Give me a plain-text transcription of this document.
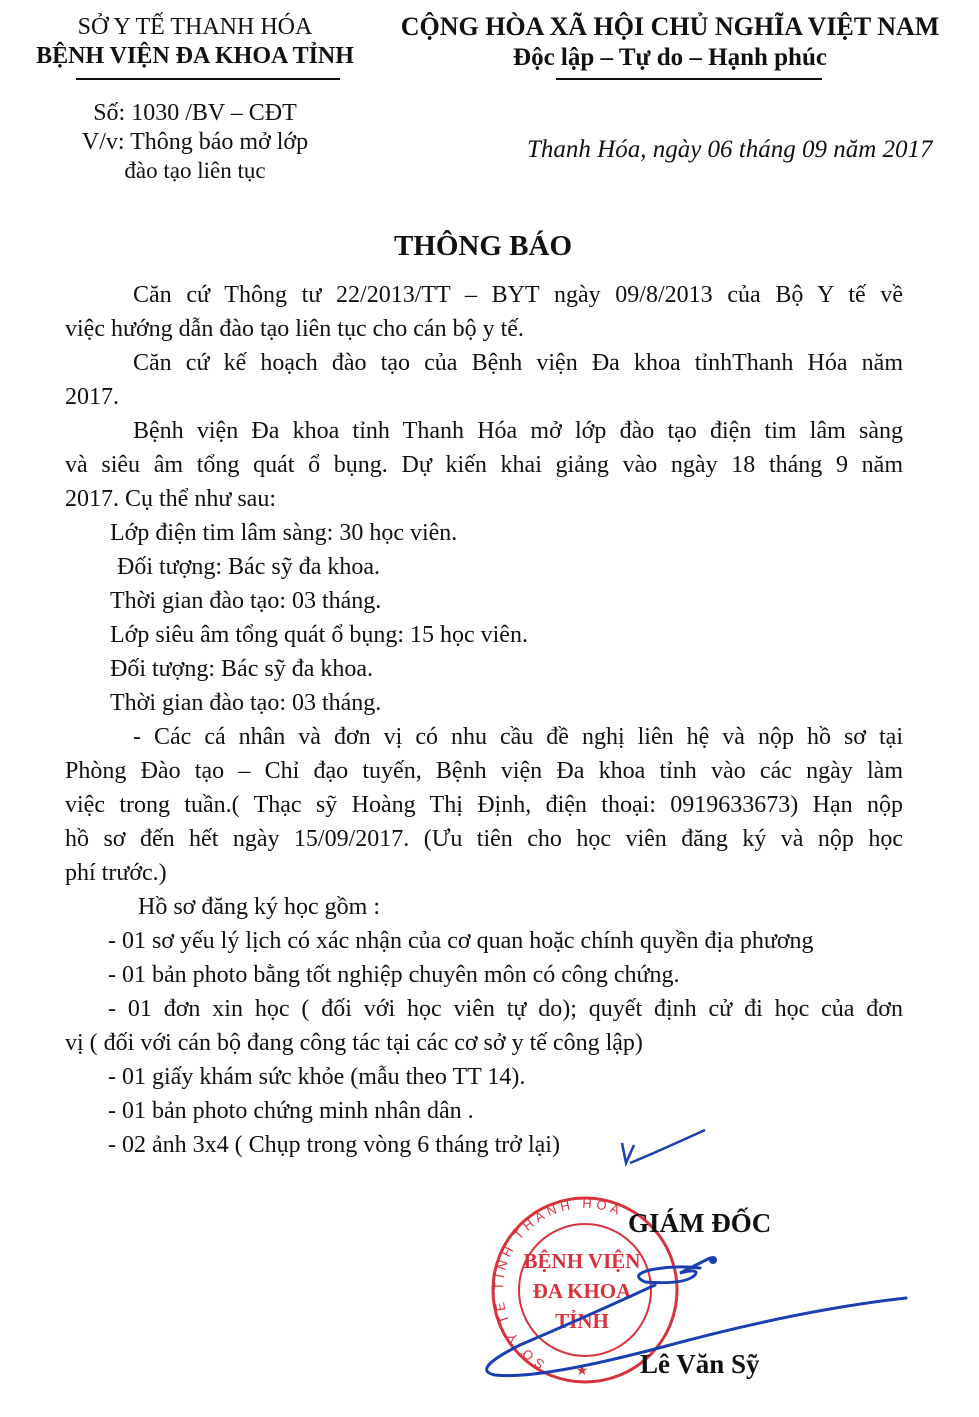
SỞ Y TẾ THANH HÓA
BỆNH VIỆN ĐA KHOA TỈNH
CỘNG HÒA XÃ HỘI CHỦ NGHĨA VIỆT NAM
Độc lập – Tự do – Hạnh phúc
Số: 1030 /BV – CĐT
V/v: Thông báo mở lớp
đào tạo liên tục
Thanh Hóa, ngày 06 tháng 09 năm 2017
THÔNG BÁO
Căn cứ Thông tư 22/2013/TT – BYT ngày 09/8/2013 của Bộ Y tế về
việc hướng dẫn đào tạo liên tục cho cán bộ y tế.
Căn cứ kế hoạch đào tạo của Bệnh viện Đa khoa tỉnhThanh Hóa năm
2017.
Bệnh viện Đa khoa tỉnh Thanh Hóa mở lớp đào tạo điện tim lâm sàng
và siêu âm tổng quát ổ bụng. Dự kiến khai giảng vào ngày 18 tháng 9 năm
2017. Cụ thể như sau:
Lớp điện tim lâm sàng: 30 học viên.
Đối tượng: Bác sỹ đa khoa.
Thời gian đào tạo: 03 tháng.
Lớp siêu âm tổng quát ổ bụng: 15 học viên.
Đối tượng: Bác sỹ đa khoa.
Thời gian đào tạo: 03 tháng.
- Các cá nhân và đơn vị có nhu cầu đề nghị liên hệ và nộp hồ sơ tại
Phòng Đào tạo – Chỉ đạo tuyến, Bệnh viện Đa khoa tỉnh vào các ngày làm
việc trong tuần.( Thạc sỹ Hoàng Thị Định, điện thoại: 0919633673) Hạn nộp
hồ sơ đến hết ngày 15/09/2017. (Ưu tiên cho học viên đăng ký và nộp học
phí trước.)
Hồ sơ đăng ký học gồm :
- 01 sơ yếu lý lịch có xác nhận của cơ quan hoặc chính quyền địa phương
- 01 bản photo bằng tốt nghiệp chuyên môn có công chứng.
- 01 đơn xin học ( đối với học viên tự do); quyết định cử đi học của đơn
vị ( đối với cán bộ đang công tác tại các cơ sở y tế công lập)
- 01 giấy khám sức khỏe (mẫu theo TT 14).
- 01 bản photo chứng minh nhân dân .
- 02 ảnh 3x4 ( Chụp trong vòng 6 tháng trở lại)
SỞ Y TẾ TỈNH THANH HÓA
BỆNH VIỆN
ĐA KHOA
TỈNH
★
GIÁM ĐỐC
Lê Văn Sỹ
